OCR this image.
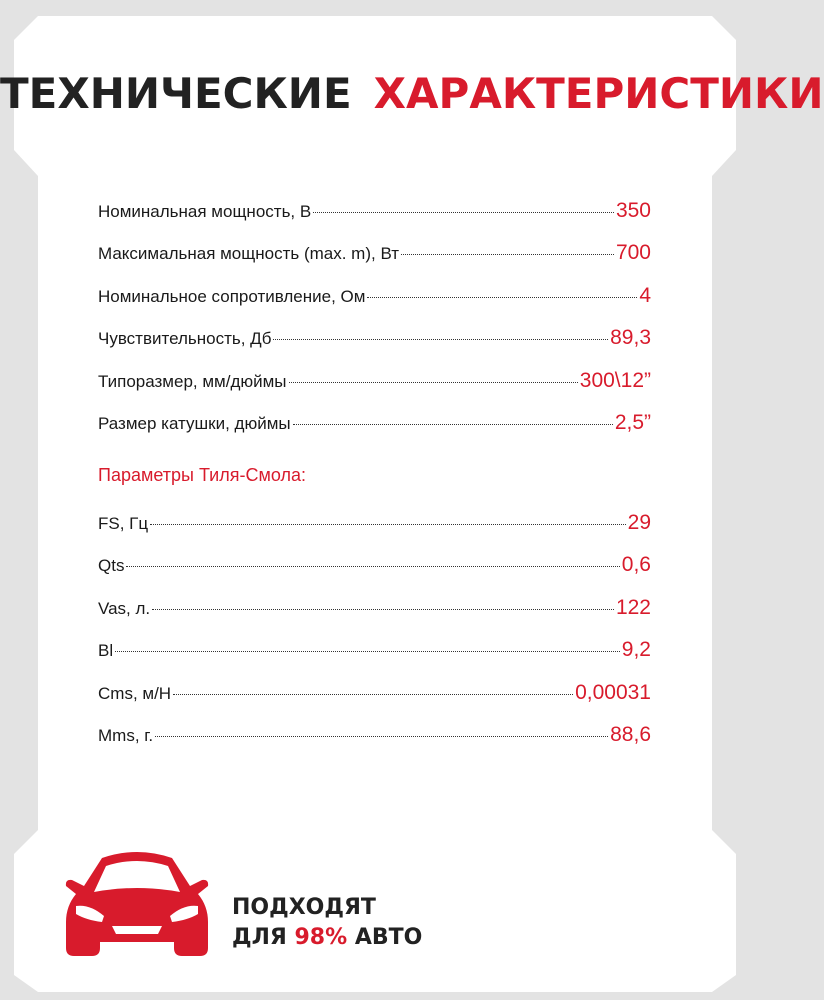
ТЕХНИЧЕСКИЕ ХАРАКТЕРИСТИКИ
Номинальная мощность, В	350
Максимальная мощность (max. m), Вт	700
Номинальное сопротивление, Ом	4
Чувствительность, Дб	89,3
Типоразмер, мм/дюймы	300\12”
Размер катушки, дюймы	2,5”
Параметры Тиля-Смола:
FS, Гц	29
Qts	0,6
Vas, л.	122
Bl	9,2
Cms, м/Н	0,00031
Mms, г.	88,6
ПОДХОДЯТ
ДЛЯ 98% АВТО
